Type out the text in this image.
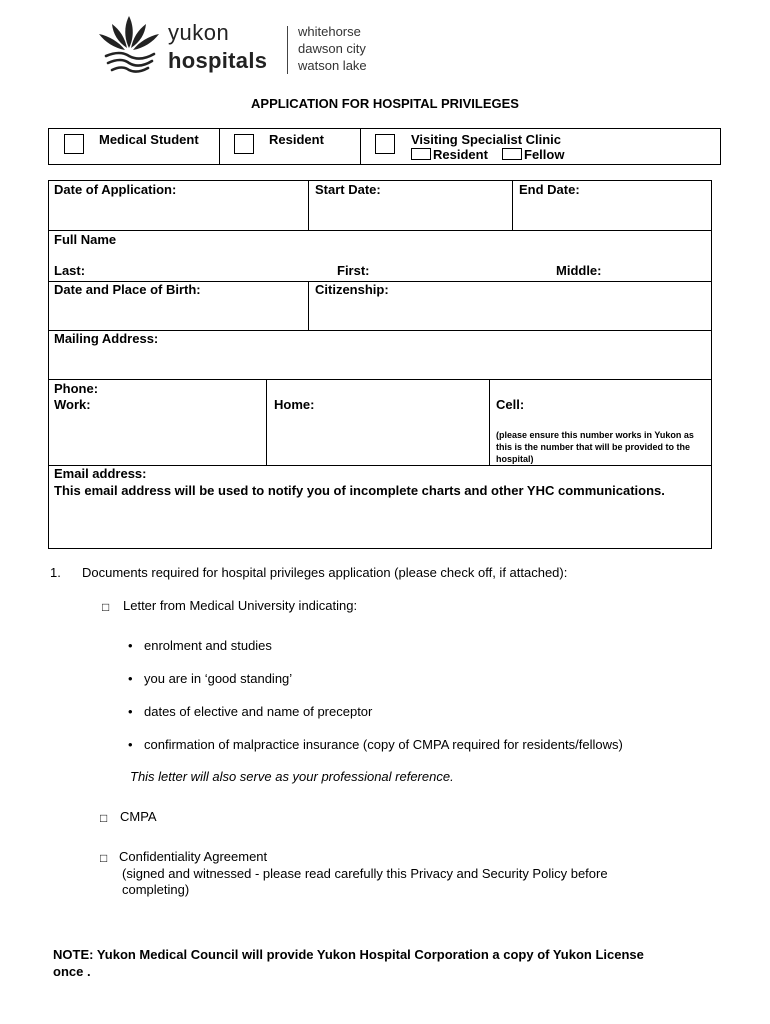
yukon
hospitals
whitehorse
dawson city
watson lake
APPLICATION FOR HOSPITAL PRIVILEGES
Medical Student	Resident	Visiting Specialist Clinic
Resident	Fellow
Date of Application:	Start Date:	End Date:
Full Name
Last:	First:	Middle:
Date and Place of Birth:	Citizenship:
Mailing Address:
Phone:
Work:	Home:	Cell:
(please ensure this number works in Yukon as this is the number that will be provided to the hospital)
Email address:
This email address will be used to notify you of incomplete charts and other YHC communications.
1. Documents required for hospital privileges application (please check off, if attached):
□ Letter from Medical University indicating:
• enrolment and studies
• you are in ‘good standing’
• dates of elective and name of preceptor
• confirmation of malpractice insurance (copy of CMPA required for residents/fellows)
This letter will also serve as your professional reference.
□ CMPA
□ Confidentiality Agreement
(signed and witnessed - please read carefully this Privacy and Security Policy before
completing)
NOTE: Yukon Medical Council will provide Yukon Hospital Corporation a copy of Yukon License
once .
